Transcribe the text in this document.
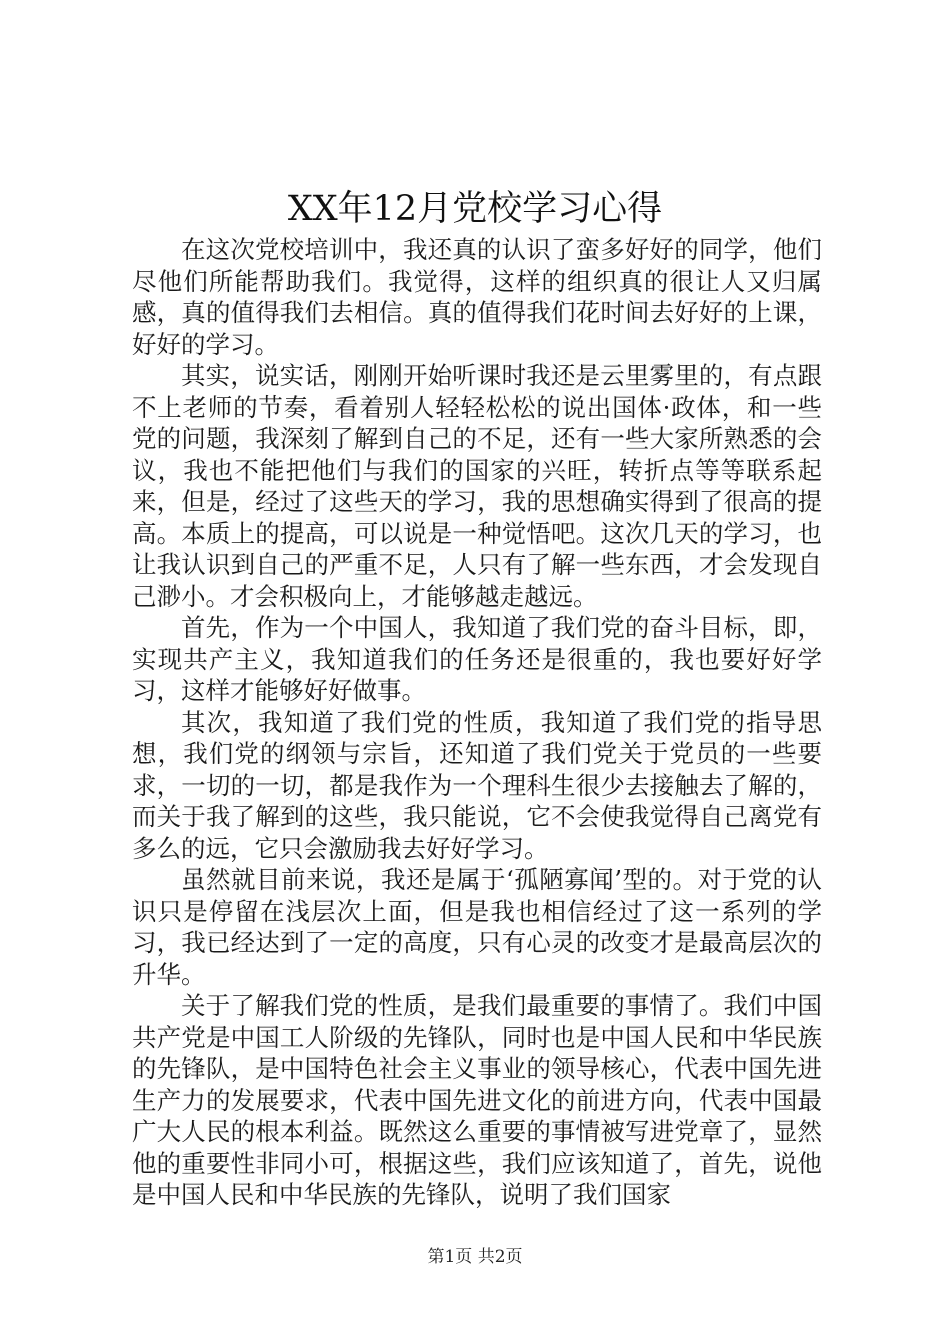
XX年12月党校学习心得

在这次党校培训中，我还真的认识了蛮多好好的同学，他们尽他们所能帮助我们。我觉得，这样的组织真的很让人又归属感，真的值得我们去相信。真的值得我们花时间去好好的上课，好好的学习。

其实，说实话，刚刚开始听课时我还是云里雾里的，有点跟不上老师的节奏，看着别人轻轻松松的说出国体·政体，和一些党的问题，我深刻了解到自己的不足，还有一些大家所熟悉的会议，我也不能把他们与我们的国家的兴旺，转折点等等联系起来，但是，经过了这些天的学习，我的思想确实得到了很高的提高。本质上的提高，可以说是一种觉悟吧。这次几天的学习，也让我认识到自己的严重不足，人只有了解一些东西，才会发现自己渺小。才会积极向上，才能够越走越远。

首先，作为一个中国人，我知道了我们党的奋斗目标，即，实现共产主义，我知道我们的任务还是很重的，我也要好好学习，这样才能够好好做事。

其次，我知道了我们党的性质，我知道了我们党的指导思想，我们党的纲领与宗旨，还知道了我们党关于党员的一些要求，一切的一切，都是我作为一个理科生很少去接触去了解的，而关于我了解到的这些，我只能说，它不会使我觉得自己离党有多么的远，它只会激励我去好好学习。

虽然就目前来说，我还是属于‘孤陋寡闻’型的。对于党的认识只是停留在浅层次上面，但是我也相信经过了这一系列的学习，我已经达到了一定的高度，只有心灵的改变才是最高层次的升华。

关于了解我们党的性质，是我们最重要的事情了。我们中国共产党是中国工人阶级的先锋队，同时也是中国人民和中华民族的先锋队，是中国特色社会主义事业的领导核心，代表中国先进生产力的发展要求，代表中国先进文化的前进方向，代表中国最广大人民的根本利益。既然这么重要的事情被写进党章了，显然他的重要性非同小可，根据这些，我们应该知道了，首先，说他是中国人民和中华民族的先锋队，说明了我们国家

第1页 共2页
